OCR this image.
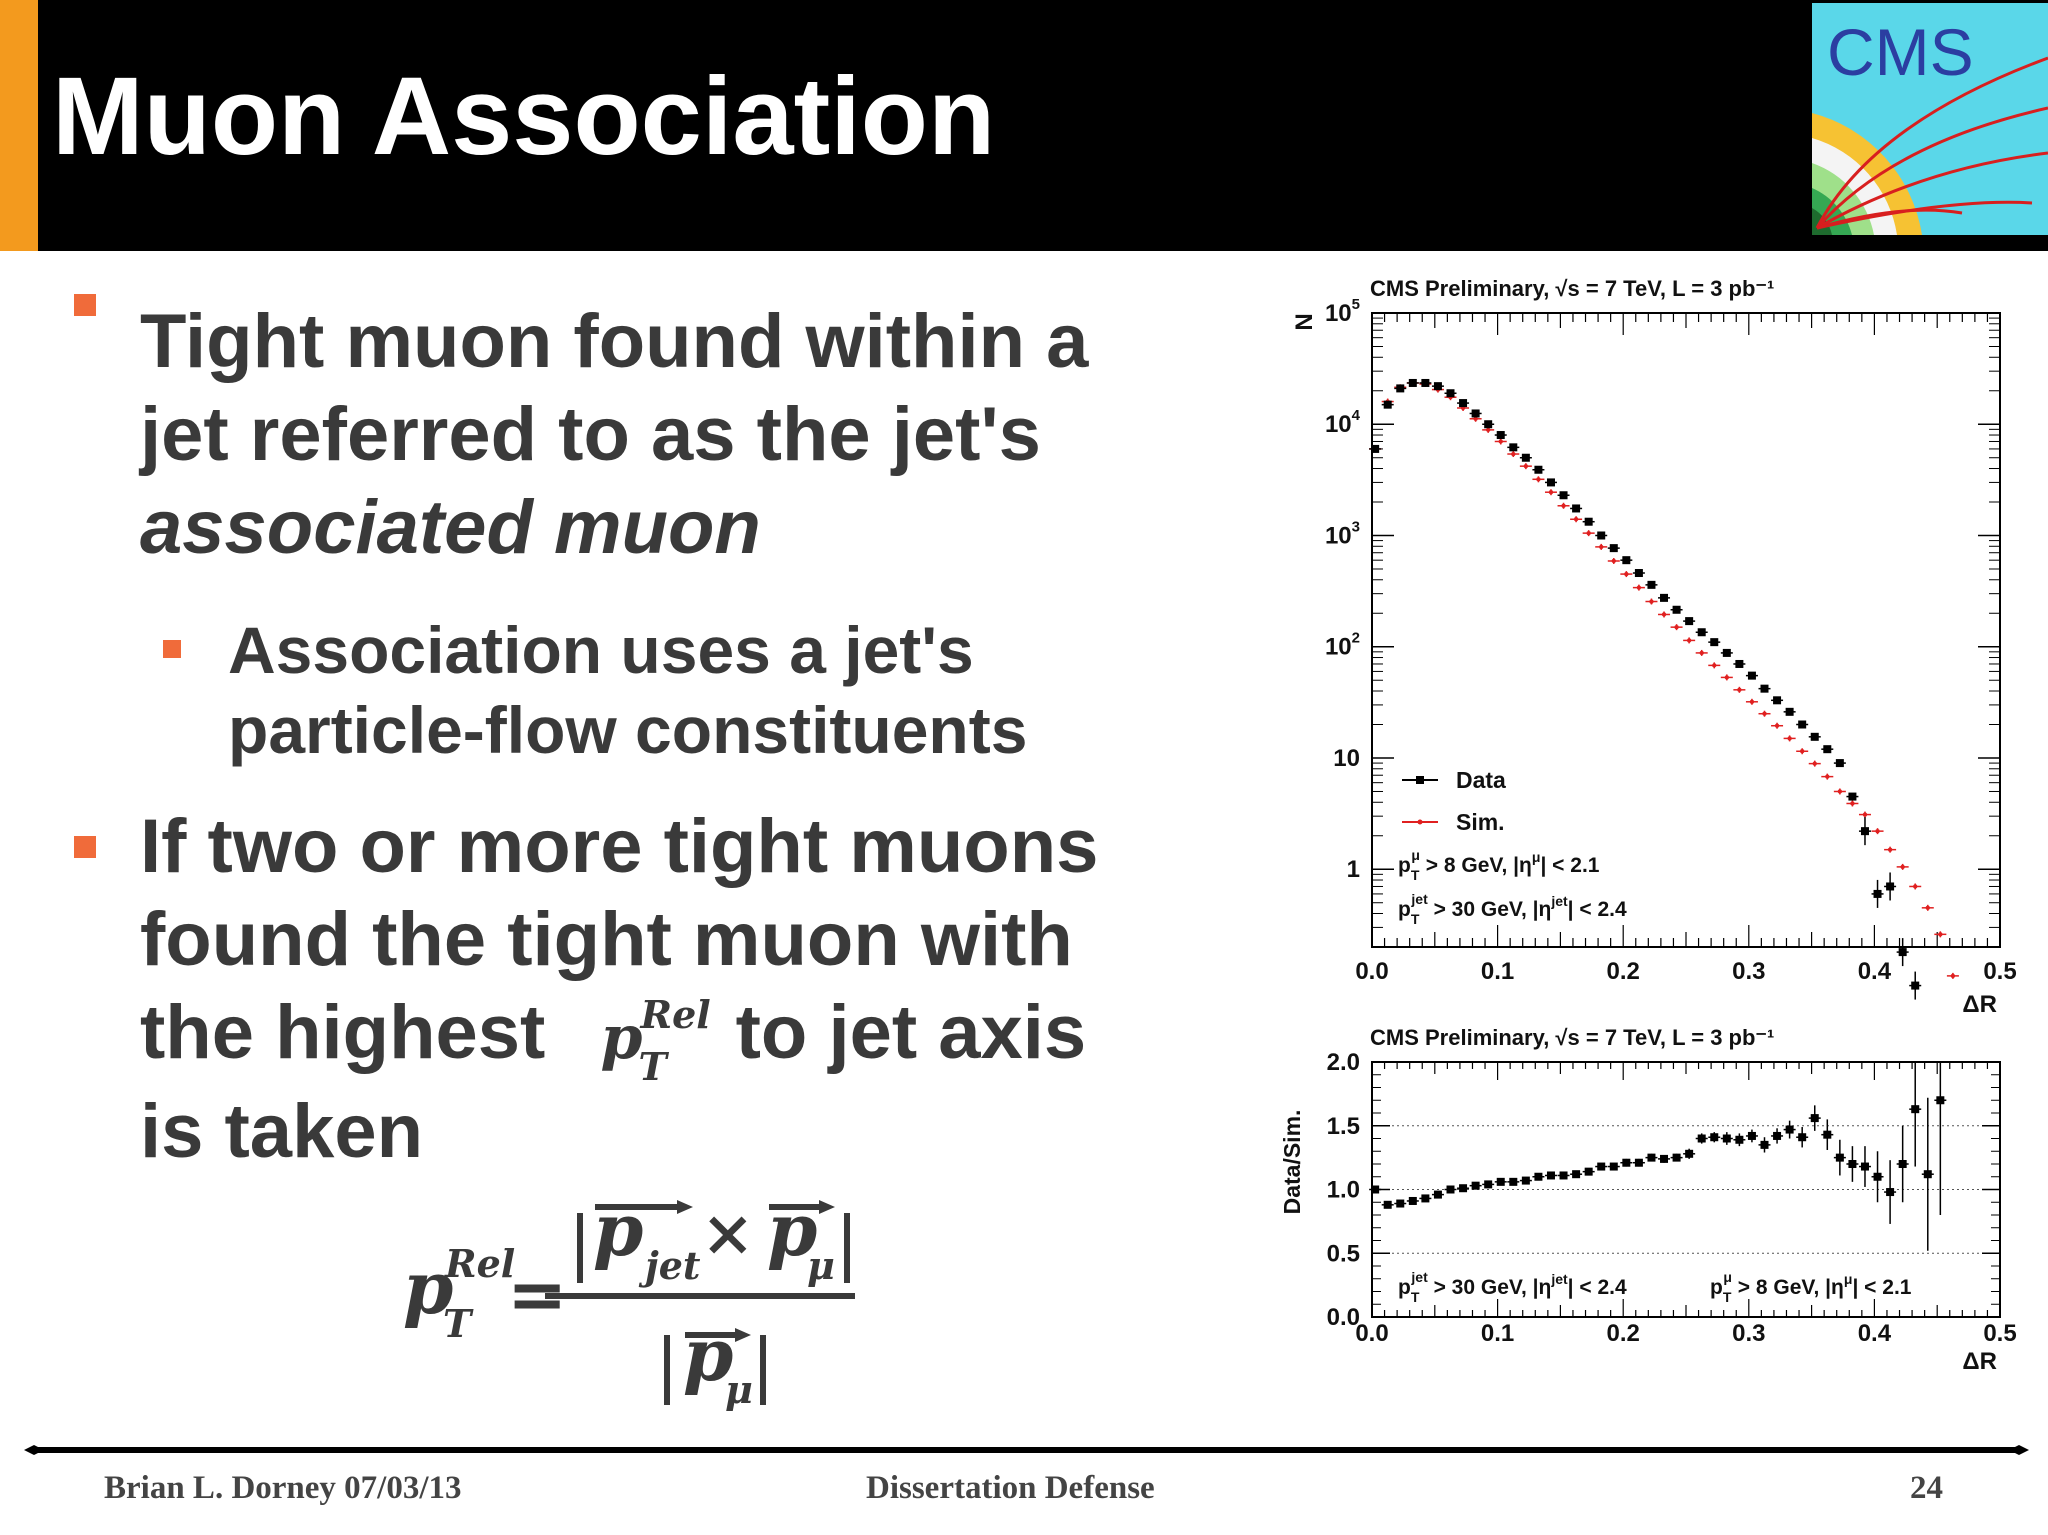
Muon Association
CMS
Tight muon found within a
jet referred to as the jet's
associated muon
Association uses a jet's
particle-flow constituents
If two or more tight muons
found the tight muon with
the highest p
T
Rel to jet axis
is taken
p
Rel
T =
p jet × p
μ
p
μ
CMS Preliminary, √s = 7 TeV, L = 3 pb⁻¹
1
10
$10^2$
$10^3$
$10^4$
$10^5$
0.0	0.1	0.2	0.3	0.4	0.5
ΔR
N
Data
Sim.
$p_T\mu > 8$ GeV, $|\eta^\mu| < 2.1$
$p_Tjet > 30$ GeV, $|\eta^{jet}| < 2.4$
CMS Preliminary, √s = 7 TeV, L = 3 pb⁻¹
0.0
0.5
1.0
1.5
2.0
0.0	0.1	0.2	0.3	0.4	0.5
ΔR
Data/Sim.
$p_Tjet > 30$ GeV, $|\eta^{jet}| < 2.4$	$p_T\mu > 8$ GeV, $|\eta^\mu| < 2.1$
Brian L. Dorney 07/03/13	Dissertation Defense	24
